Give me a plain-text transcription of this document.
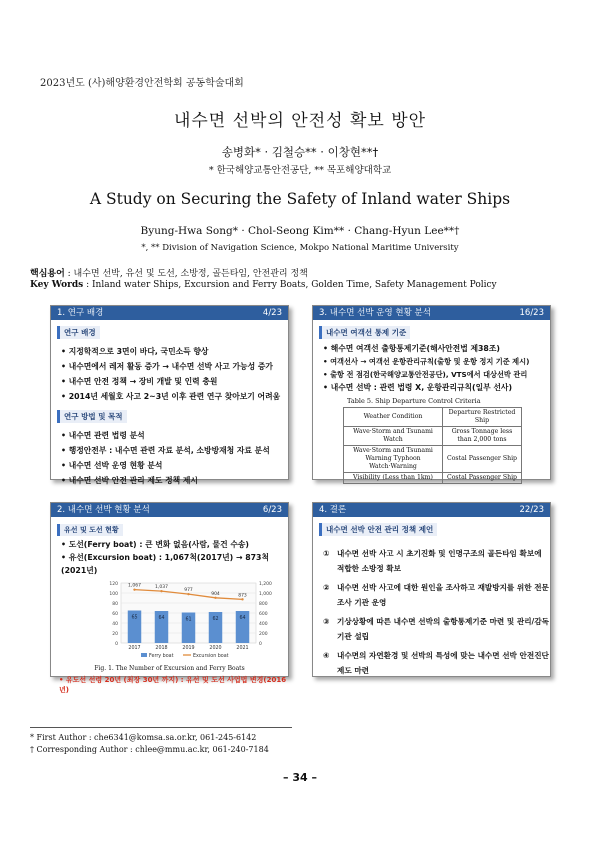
2023년도 (사)해양환경안전학회 공동학술대회
내수면 선박의 안전성 확보 방안
송병화* · 김철승** · 이창현**†
* 한국해양교통안전공단, ** 목포해양대학교
A Study on Securing the Safety of Inland water Ships
Byung-Hwa Song* · Chol-Seong Kim** · Chang-Hyun Lee**†
*, ** Division of Navigation Science, Mokpo National Maritime University
핵심용어 : 내수면 선박, 유선 및 도선, 소방정, 골든타임, 안전관리 정책
Key Words : Inland water Ships, Excursion and Ferry Boats, Golden Time, Safety Management Policy
1. 연구 배경	4/23
연구 배경
• 지정학적으로 3면이 바다, 국민소득 향상
• 내수면에서 레저 활동 증가 → 내수면 선박 사고 가능성 증가
• 내수면 안전 정책 → 장비 개발 및 인력 충원
• 2014년 세월호 사고 2~3년 이후 관련 연구 찾아보기 어려움
연구 방법 및 목적
• 내수면 관련 법령 분석
• 행정안전부 : 내수면 관련 자료 분석, 소방방재청 자료 분석
• 내수면 선박 운영 현황 분석
• 내수면 선박 안전 관리 제도 정책 제시
3. 내수면 선박 운영 현황 분석	16/23
내수면 여객선 통제 기준
• 해수면 여객선 출항통제기준(해사안전법 제38조)
• 여객선사 → 여객선 운항관리규칙(출항 및 운항 정지 기준 제시)
• 출항 전 점검(한국해양교통안전공단), VTS에서 대상선박 관리
• 내수면 선박 : 관련 법령 X, 운항관리규칙(일부 선사)
Table 5. Ship Departure Control Criteria
Weather Condition	Departure Restricted Ship
Wave·Storm and Tsunami Watch	Gross Tonnage less than 2,000 tons
Wave·Storm and Tsunami Warning Typhoon Watch·Warning	Costal Passenger Ship
Visibility (Less than 1km)	Costal Passenger Ship
2. 내수면 선박 현황 분석	6/23
유선 및 도선 현황
• 도선(Ferry boat) : 큰 변화 없음(사람, 물건 수송)
• 유선(Excursion boat) : 1,067척(2017년) → 873척(2021년)
0
20
40
60
80
100
120
0
200
400
600
800
1,000
1,200
65
2017
64
2018
61
2019
62
2020
64
2021
1,067	1,037
977
904	873
Ferry boat	Excursion boat
Fig. 1. The Number of Excursion and Ferry Boats
• 유도선 선령 20년 (최장 30년 까지) : 유선 및 도선 사업법 변경(2016년)
4. 결론	22/23
내수면 선박 안전 관리 정책 제언
① 내수면 선박 사고 시 초기진화 및 인명구조의 골든타임 확보에 적합한 소방정 확보
② 내수면 선박 사고에 대한 원인을 조사하고 재발방지를 위한 전문 조사 기관 운영
③ 기상상황에 따른 내수면 선박의 출항통제기준 마련 및 관리/감독 기관 설립
④ 내수면의 자연환경 및 선박의 특성에 맞는 내수면 선박 안전진단제도 마련
* First Author : che6341@komsa.sa.or.kr, 061-245-6142
† Corresponding Author : chlee@mmu.ac.kr, 061-240-7184
– 34 –
